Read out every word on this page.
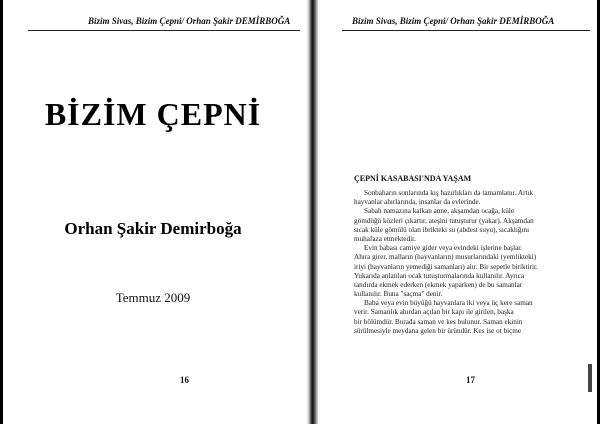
Bizim Sivas, Bizim Çepni/ Orhan Şakir DEMİRBOĞA
BİZİM ÇEPNİ
Orhan Şakir Demirboğa
Temmuz 2009
16
Bizim Sivas, Bizim Çepni/ Orhan Şakir DEMİRBOĞA
ÇEPNİ KASABASI'NDA YAŞAM
Sonbaharın sonlarında kış hazırlıkları da tamamlanır. Artık
hayvanlar ahırlarında, insanlar da evlerinde.
Sabah namazına kalkan anne, akşamdan ocağa, küle
gömdüğü közleri çıkartır, ateşini tutuşturur (yakar). Akşamdan
sıcak küle gömülü olan ibrikteki su (abdest suyu), sıcaklığını
muhafaza etmektedir.
Evin babası camiye gider veya evindeki işlerine başlar.
Ahıra girer, malların (hayvanların) musurlarındaki (yemlikteki)
iriyi (hayvanların yemediği samanları) alır. Bir sepetle biriktirir.
Yukarıda anlatılan ocak tutuşturmalarında kullanılır. Ayrıca
tandırda ekmek ederken (ekmek yaparken) de bu samanlar
kullanılır. Buna "saçma" denir.
Baba veya evin büyüğü hayvanlara iki veya üç kere saman
verir. Samanlık ahırdan açılan bir kapı ile girilen, başka
bir bölümdür. Burada saman ve kes bulunur. Saman ekinin
sürülmesiyle meydana gelen bir üründür. Kes ise ot biçme
17
